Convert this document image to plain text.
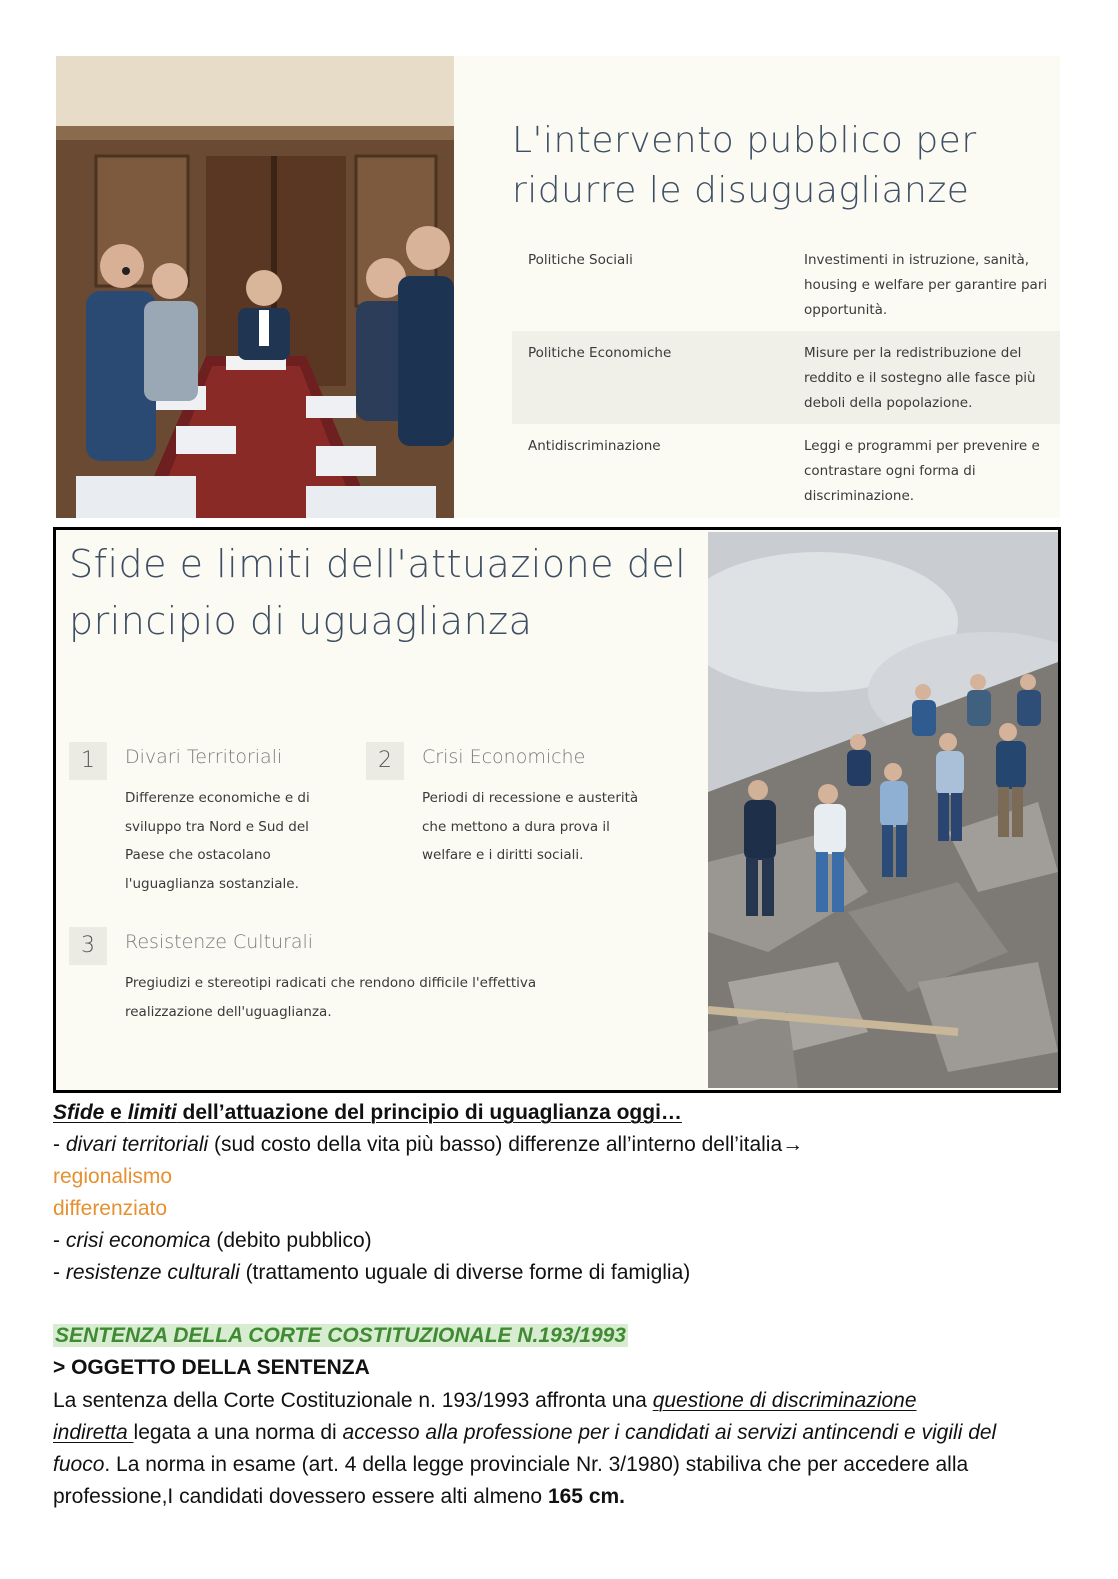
L'intervento pubblico per ridurre le disuguaglianze
Politiche Sociali	Investimenti in istruzione, sanità, housing e welfare per garantire pari opportunità.
Politiche Economiche	Misure per la redistribuzione del reddito e il sostegno alle fasce più deboli della popolazione.
Antidiscriminazione	Leggi e programmi per prevenire e contrastare ogni forma di discriminazione.
Sfide e limiti dell'attuazione del principio di uguaglianza
1	Divari Territoriali
Differenze economiche e di sviluppo tra Nord e Sud del Paese che ostacolano l'uguaglianza sostanziale.
2	Crisi Economiche
Periodi di recessione e austerità che mettono a dura prova il welfare e i diritti sociali.
3	Resistenze Culturali
Pregiudizi e stereotipi radicati che rendono difficile l'effettiva realizzazione dell'uguaglianza.
Sfide e limiti dell’attuazione del principio di uguaglianza oggi…
- divari territoriali (sud costo della vita più basso) differenze all’interno dell’italia→
regionalismo
differenziato
- crisi economica (debito pubblico)
- resistenze culturali (trattamento uguale di diverse forme di famiglia)
SENTENZA DELLA CORTE COSTITUZIONALE N.193/1993
> OGGETTO DELLA SENTENZA
La sentenza della Corte Costituzionale n. 193/1993 affronta una questione di discriminazione
indiretta legata a una norma di accesso alla professione per i candidati ai servizi antincendi e vigili del fuoco. La norma in esame (art. 4 della legge provinciale Nr. 3/1980) stabiliva che per accedere alla professione,I candidati dovessero essere alti almeno 165 cm.
